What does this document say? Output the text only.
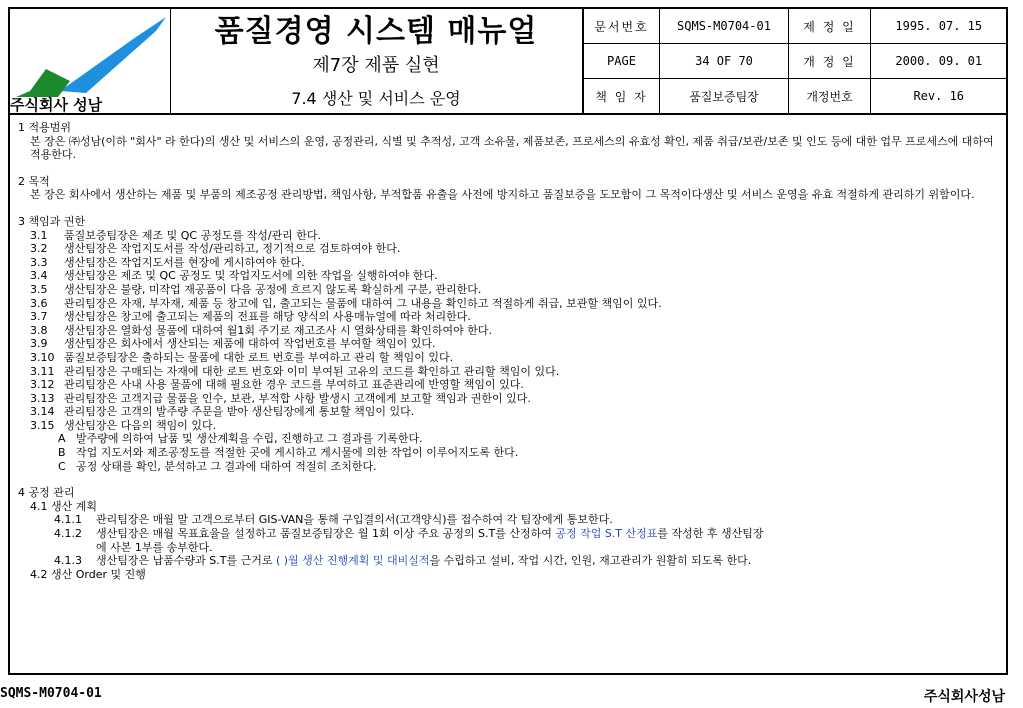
주식회사 성남
품질경영 시스템 매뉴얼
제7장 제품 실현
7.4 생산 및 서비스 운영
문서번호	SQMS-M0704-01	제 정 일	1995. 07. 15
PAGE	34 OF 70	개 정 일	2000. 09. 01
책 임 자	품질보증팀장	개정번호	Rev. 16
1 적용범위
본 장은 ㈜성남(이하 "회사" 라 한다)의 생산 및 서비스의 운영, 공정관리, 식별 및 추적성, 고객 소유물, 제품보존, 프로세스의 유효성 확인, 제품 취급/보관/보존 및 인도 등에 대한 업무 프로세스에 대하여 적용한다.
2 목적
본 장은 회사에서 생산하는 제품 및 부품의 제조공정 관리방법, 책임사항, 부적합품 유출을 사전에 방지하고 품질보증을 도모함이 그 목적이다생산 및 서비스 운영을 유효 적절하게 관리하기 위함이다.
3 책임과 권한
3.1 품질보증팀장은 제조 및 QC 공정도를 작성/관리 한다.
3.2 생산팀장은 작업지도서를 작성/관리하고, 정기적으로 검토하여야 한다.
3.3 생산팀장은 작업지도서를 현장에 게시하여야 한다.
3.4 생산팀장은 제조 및 QC 공정도 및 작업지도서에 의한 작업을 실행하여야 한다.
3.5 생산팀장은 불량, 미작업 재공품이 다음 공정에 흐르지 않도록 확실하게 구분, 관리한다.
3.6 관리팀장은 자재, 부자재, 제품 등 창고에 입, 출고되는 물품에 대하여 그 내용을 확인하고 적절하게 취급, 보관할 책임이 있다.
3.7 생산팀장은 창고에 출고되는 제품의 전표를 해당 양식의 사용매뉴얼에 따라 처리한다.
3.8 생산팀장은 열화성 물품에 대하여 월1회 주기로 재고조사 시 열화상태를 확인하여야 한다.
3.9 생산팀장은 회사에서 생산되는 제품에 대하여 작업번호를 부여할 책임이 있다.
3.10 품질보증팀장은 출하되는 물품에 대한 로트 번호를 부여하고 관리 할 책임이 있다.
3.11 관리팀장은 구매되는 자재에 대한 로트 번호와 이미 부여된 고유의 코드를 확인하고 관리할 책임이 있다.
3.12 관리팀장은 사내 사용 물품에 대해 필요한 경우 코드를 부여하고 표준관리에 반영할 책임이 있다.
3.13 관리팀장은 고객지급 물품을 인수, 보관, 부적합 사항 발생시 고객에게 보고할 책임과 권한이 있다.
3.14 관리팀장은 고객의 발주량 주문을 받아 생산팀장에게 통보할 책임이 있다.
3.15 생산팀장은 다음의 책임이 있다.
A 발주량에 의하여 납품 및 생산계획을 수립, 진행하고 그 결과를 기록한다.
B 작업 지도서와 제조공정도를 적절한 곳에 게시하고 게시물에 의한 작업이 이루어지도록 한다.
C 공정 상태를 확인, 분석하고 그 결과에 대하여 적절히 조치한다.
4 공정 관리
4.1 생산 계획
4.1.1 관리팀장은 매월 말 고객으로부터 GIS-VAN을 통해 구입결의서(고객양식)를 접수하여 각 팀장에게 통보한다.
4.1.2 생산팀장은 매월 목표효율을 설정하고 품질보증팀장은 월 1회 이상 주요 공정의 S.T를 산정하여 공정 작업 S.T 산정표를 작성한 후 생산팀장
에 사본 1부를 송부한다.
4.1.3 생산팀장은 납품수량과 S.T를 근거로 ( )월 생산 진행계획 및 대비실적을 수립하고 설비, 작업 시간, 인원, 재고관리가 원활히 되도록 한다.
4.2 생산 Order 및 진행
SQMS-M0704-01	주식회사성남
